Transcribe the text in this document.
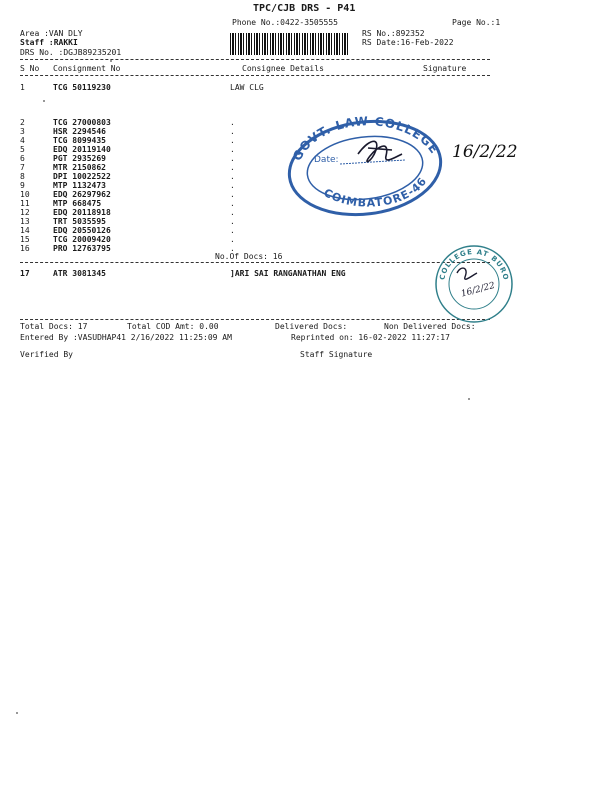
TPC/CJB DRS - P41
Phone No.:0422-3505555	Page No.:1
Area :VAN DLY
Staff :RAKKI
DRS No. :DGJB89235201
RS No.:892352
RS Date:16-Feb-2022
S No Consignment No	Consignee Details	Signature
1	TCG 50119230	LAW CLG
2	TCG 27000803	.
3	HSR 2294546	.
4	TCG 8099435	.
5	EDQ 20119140	.
6	PGT 2935269	.
7	MTR 2150862	.
8	DPI 10022522	.
9	MTP 1132473	.
10	EDQ 26297962	.
11	MTP 668475	.
12	EDQ 20118918	.
13	TRT 5035595	.
14	EDQ 20550126	.
15	TCG 20009420	.
16	PRO 12763795	.
17	ATR 3081345	]ARI SAI RANGANATHAN ENG
No.Of Docs: 16
Total Docs: 17	Total COD Amt: 0.00	Delivered Docs:	Non Delivered Docs:
Entered By :VASUDHAP41 2/16/2022 11:25:09 AM	Reprinted on: 16-02-2022 11:27:17
Verified By	Staff Signature
GOVT. LAW COLLEGE
COIMBATORE-46
Date:	16/2/22
COLLEGE AT BURO
16/2/22
